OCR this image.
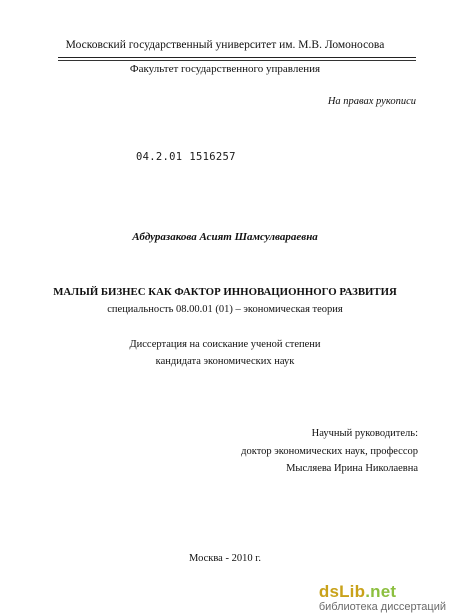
Московский государственный университет им. М.В. Ломоносова
Факультет государственного управления
На правах рукописи
04.2.01 1516257
Абдуразакова Асият Шамсулвараевна
МАЛЫЙ БИЗНЕС КАК ФАКТОР ИННОВАЦИОННОГО РАЗВИТИЯ
специальность 08.00.01 (01) – экономическая теория
Диссертация на соискание ученой степени
кандидата экономических наук
Научный руководитель:
доктор экономических наук, профессор
Мысляева Ирина Николаевна
Москва - 2010 г.
dsLib.net
библиотека диссертаций
